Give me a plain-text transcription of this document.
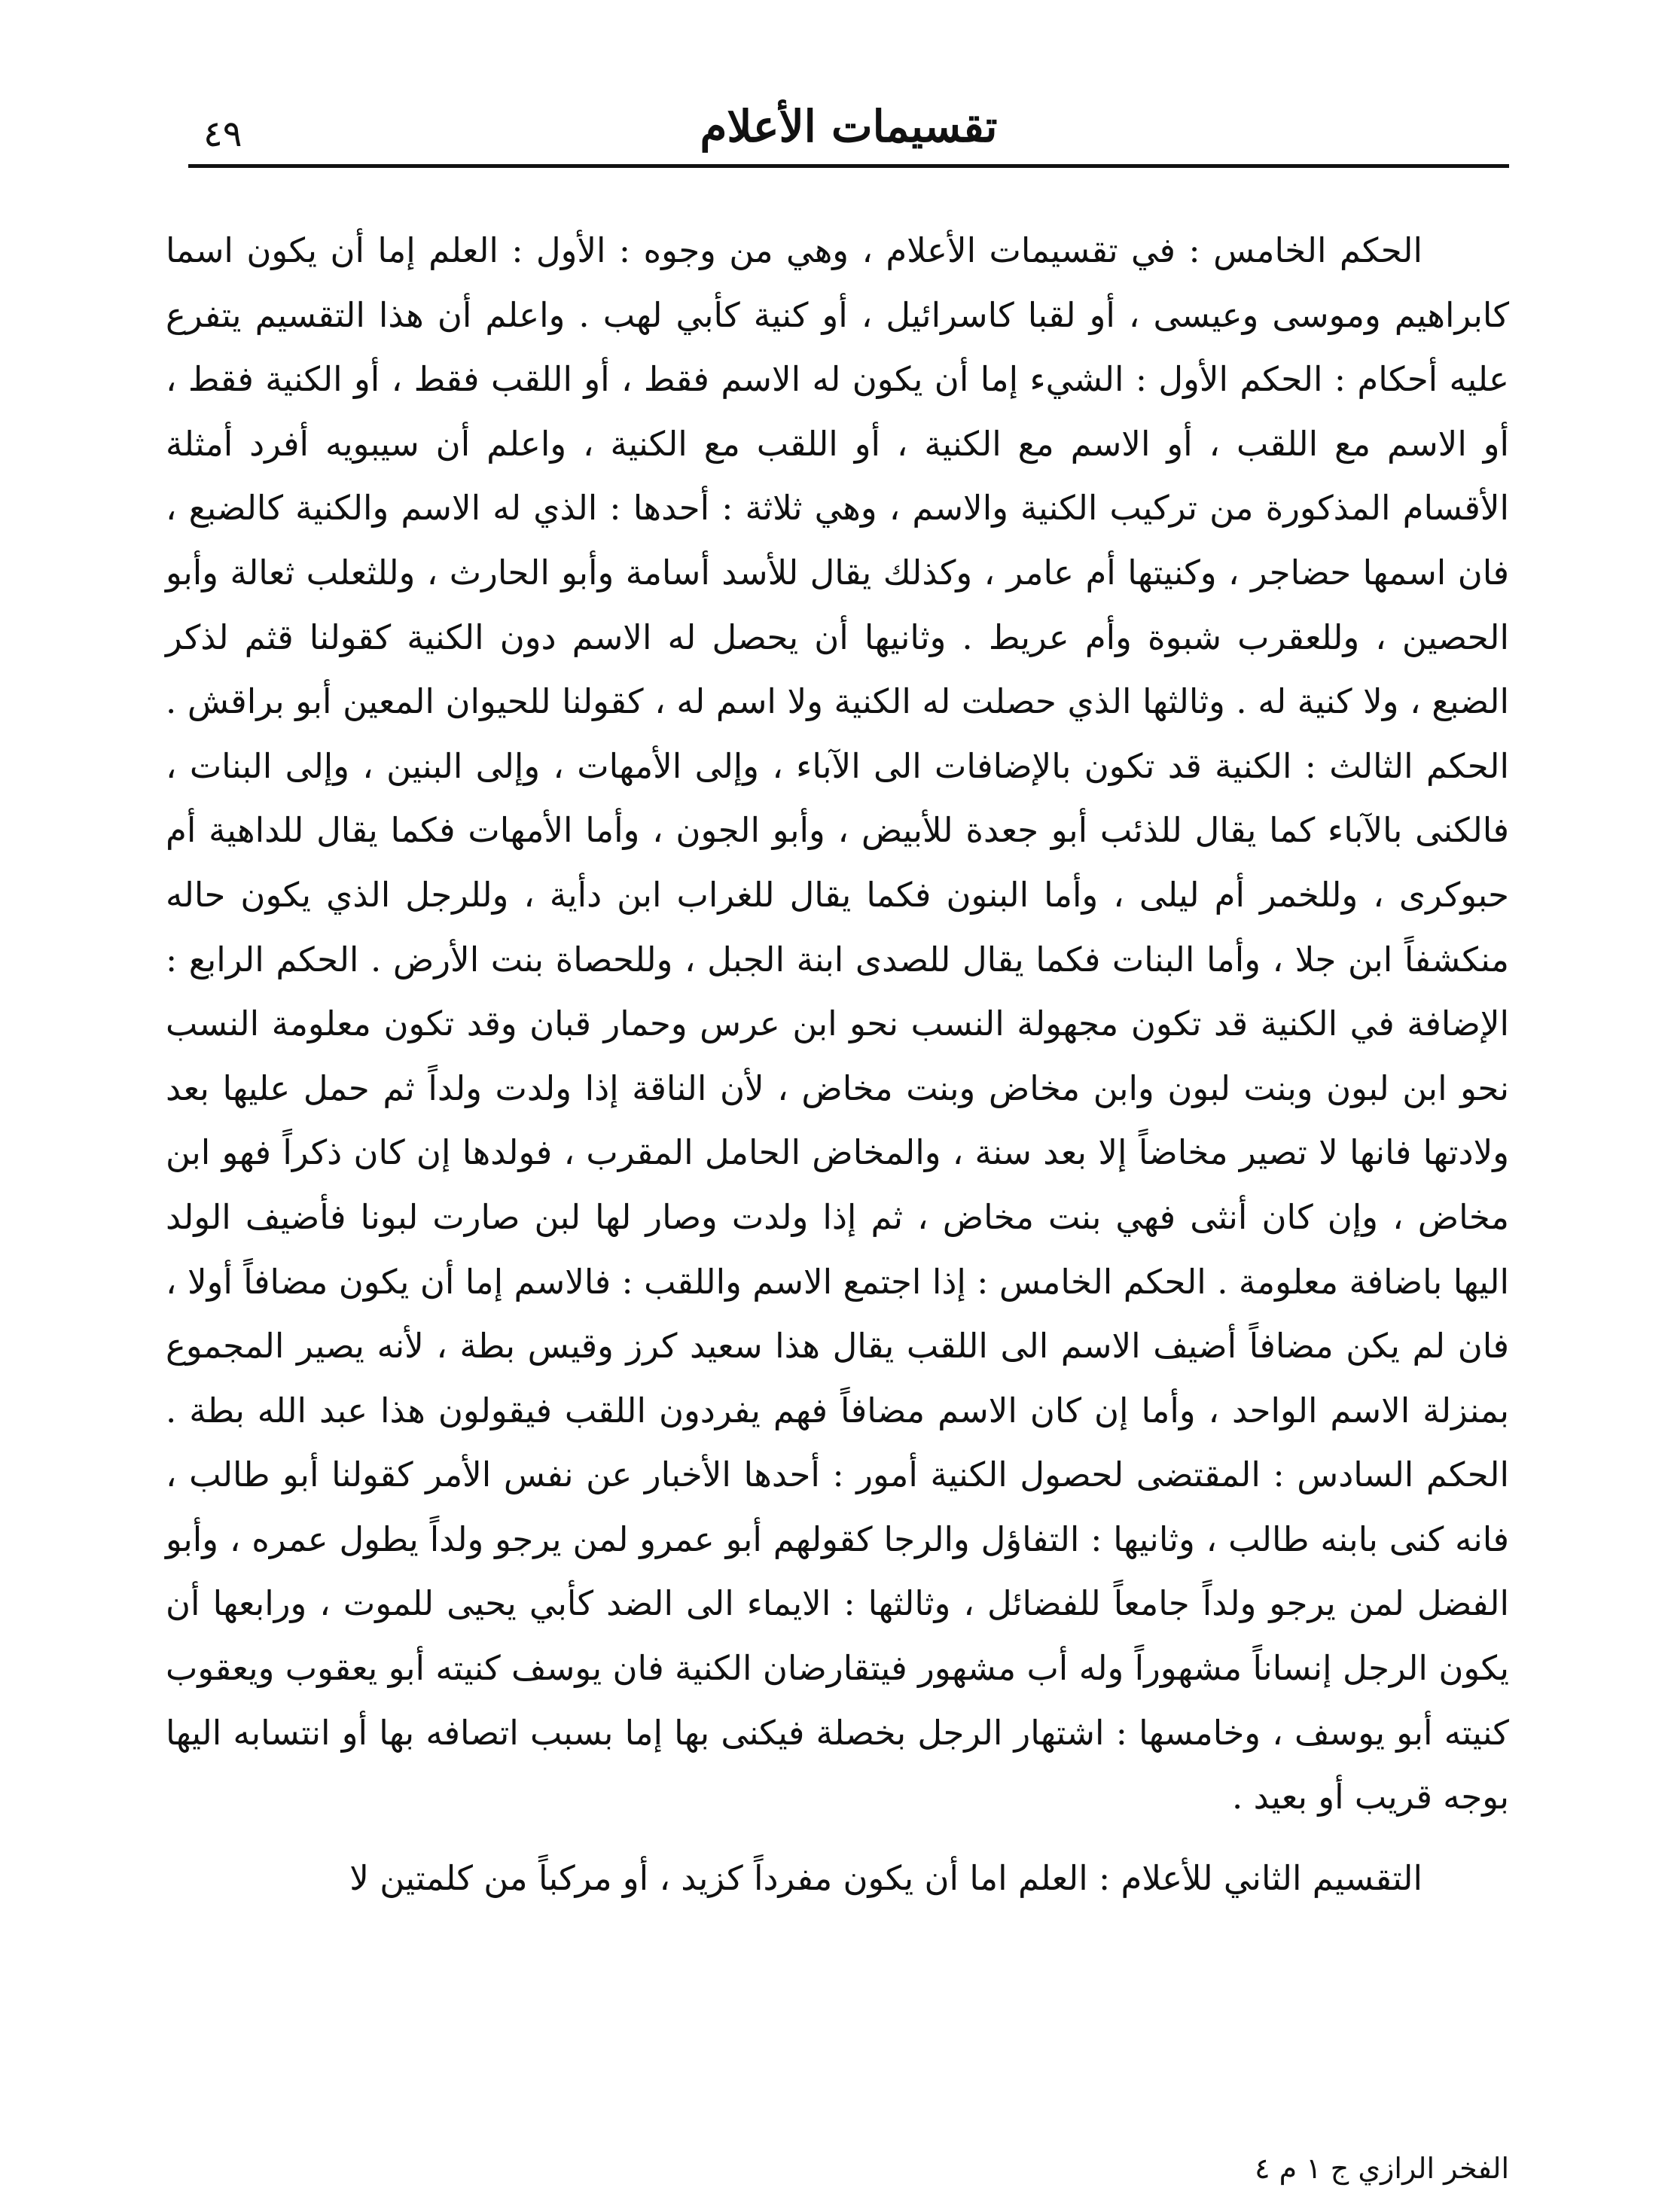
تقسيمات الأعلام
٤٩

الحكم الخامس : في تقسيمات الأعلام ، وهي من وجوه : الأول : العلم إما أن يكون اسما كابراهيم وموسى وعيسى ، أو لقبا كاسرائيل ، أو كنية كأبي لهب . واعلم أن هذا التقسيم يتفرع عليه أحكام : الحكم الأول : الشيء إما أن يكون له الاسم فقط ، أو اللقب فقط ، أو الكنية فقط ، أو الاسم مع اللقب ، أو الاسم مع الكنية ، أو اللقب مع الكنية ، واعلم أن سيبويه أفرد أمثلة الأقسام المذكورة من تركيب الكنية والاسم ، وهي ثلاثة : أحدها : الذي له الاسم والكنية كالضبع ، فان اسمها حضاجر ، وكنيتها أم عامر ، وكذلك يقال للأسد أسامة وأبو الحارث ، وللثعلب ثعالة وأبو الحصين ، وللعقرب شبوة وأم عريط . وثانيها أن يحصل له الاسم دون الكنية كقولنا قثم لذكر الضبع ، ولا كنية له . وثالثها الذي حصلت له الكنية ولا اسم له ، كقولنا للحيوان المعين أبو براقش . الحكم الثالث : الكنية قد تكون بالإضافات الى الآباء ، وإلى الأمهات ، وإلى البنين ، وإلى البنات ، فالكنى بالآباء كما يقال للذئب أبو جعدة للأبيض ، وأبو الجون ، وأما الأمهات فكما يقال للداهية أم حبوكرى ، وللخمر أم ليلى ، وأما البنون فكما يقال للغراب ابن دأية ، وللرجل الذي يكون حاله منكشفاً ابن جلا ، وأما البنات فكما يقال للصدى ابنة الجبل ، وللحصاة بنت الأرض . الحكم الرابع : الإضافة في الكنية قد تكون مجهولة النسب نحو ابن عرس وحمار قبان وقد تكون معلومة النسب نحو ابن لبون وبنت لبون وابن مخاض وبنت مخاض ، لأن الناقة إذا ولدت ولداً ثم حمل عليها بعد ولادتها فانها لا تصير مخاضاً إلا بعد سنة ، والمخاض الحامل المقرب ، فولدها إن كان ذكراً فهو ابن مخاض ، وإن كان أنثى فهي بنت مخاض ، ثم إذا ولدت وصار لها لبن صارت لبونا فأضيف الولد اليها باضافة معلومة . الحكم الخامس : إذا اجتمع الاسم واللقب : فالاسم إما أن يكون مضافاً أولا ، فان لم يكن مضافاً أضيف الاسم الى اللقب يقال هذا سعيد كرز وقيس بطة ، لأنه يصير المجموع بمنزلة الاسم الواحد ، وأما إن كان الاسم مضافاً فهم يفردون اللقب فيقولون هذا عبد الله بطة . الحكم السادس : المقتضى لحصول الكنية أمور : أحدها الأخبار عن نفس الأمر كقولنا أبو طالب ، فانه كنى بابنه طالب ، وثانيها : التفاؤل والرجا كقولهم أبو عمرو لمن يرجو ولداً يطول عمره ، وأبو الفضل لمن يرجو ولداً جامعاً للفضائل ، وثالثها : الايماء الى الضد كأبي يحيى للموت ، ورابعها أن يكون الرجل إنساناً مشهوراً وله أب مشهور فيتقارضان الكنية فان يوسف كنيته أبو يعقوب ويعقوب كنيته أبو يوسف ، وخامسها : اشتهار الرجل بخصلة فيكنى بها إما بسبب اتصافه بها أو انتسابه اليها بوجه قريب أو بعيد .

التقسيم الثاني للأعلام : العلم اما أن يكون مفرداً كزيد ، أو مركباً من كلمتين لا

الفخر الرازي ج ١ م ٤
